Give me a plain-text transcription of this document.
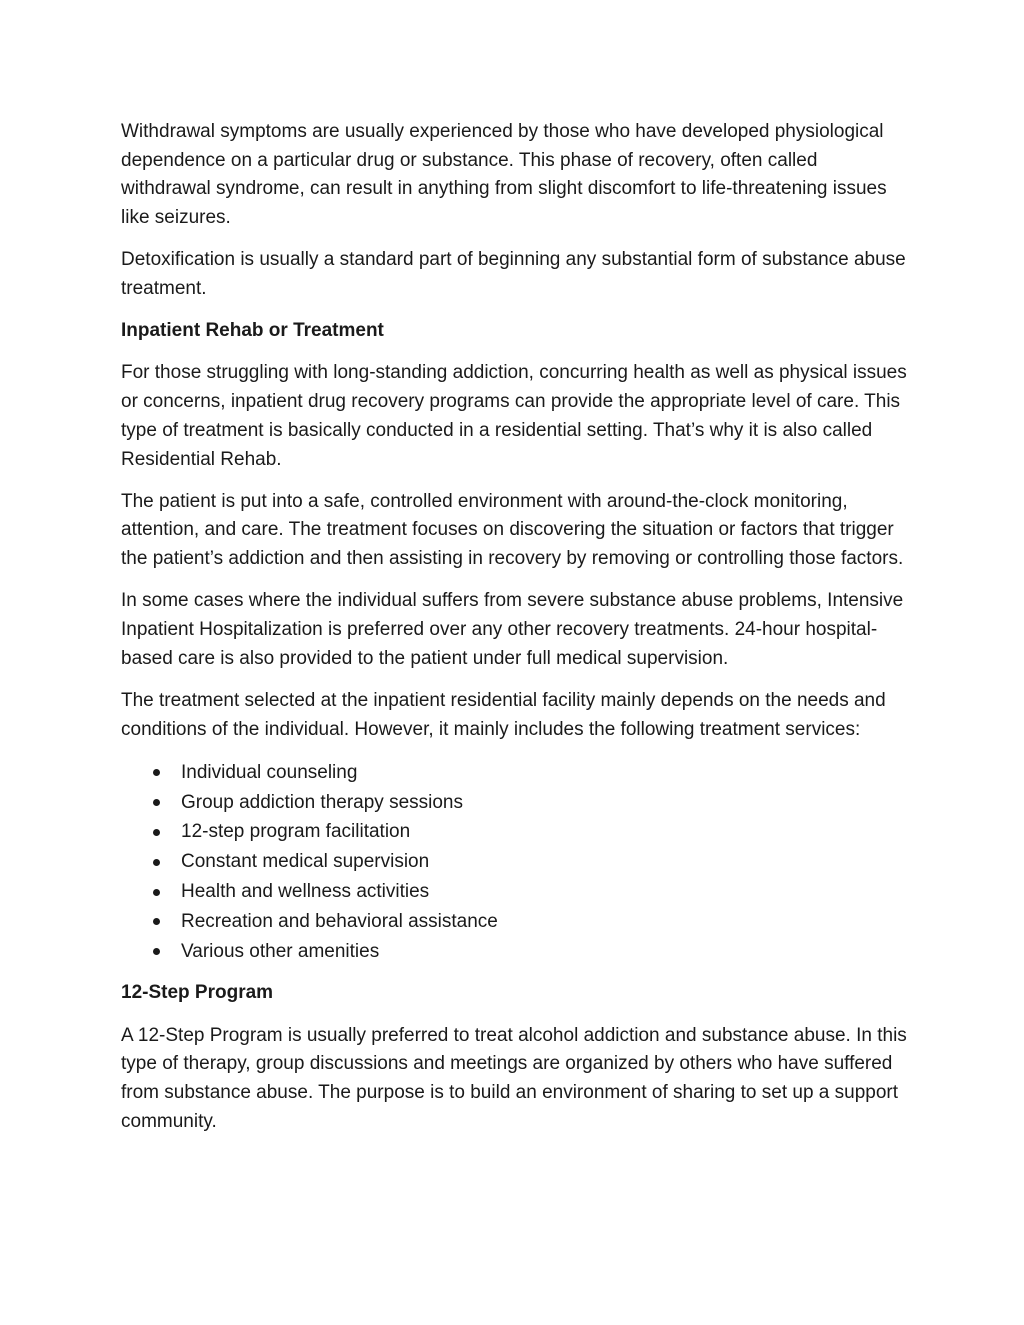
Withdrawal symptoms are usually experienced by those who have developed physiological dependence on a particular drug or substance. This phase of recovery, often called withdrawal syndrome, can result in anything from slight discomfort to life-threatening issues like seizures.

Detoxification is usually a standard part of beginning any substantial form of substance abuse treatment.

Inpatient Rehab or Treatment

For those struggling with long-standing addiction, concurring health as well as physical issues or concerns, inpatient drug recovery programs can provide the appropriate level of care. This type of treatment is basically conducted in a residential setting. That’s why it is also called Residential Rehab.

The patient is put into a safe, controlled environment with around-the-clock monitoring, attention, and care. The treatment focuses on discovering the situation or factors that trigger the patient’s addiction and then assisting in recovery by removing or controlling those factors.

In some cases where the individual suffers from severe substance abuse problems, Intensive Inpatient Hospitalization is preferred over any other recovery treatments. 24-hour hospital-based care is also provided to the patient under full medical supervision.

The treatment selected at the inpatient residential facility mainly depends on the needs and conditions of the individual. However, it mainly includes the following treatment services:

Individual counseling
Group addiction therapy sessions
12-step program facilitation
Constant medical supervision
Health and wellness activities
Recreation and behavioral assistance
Various other amenities

12-Step Program

A 12-Step Program is usually preferred to treat alcohol addiction and substance abuse. In this type of therapy, group discussions and meetings are organized by others who have suffered from substance abuse. The purpose is to build an environment of sharing to set up a support community.
